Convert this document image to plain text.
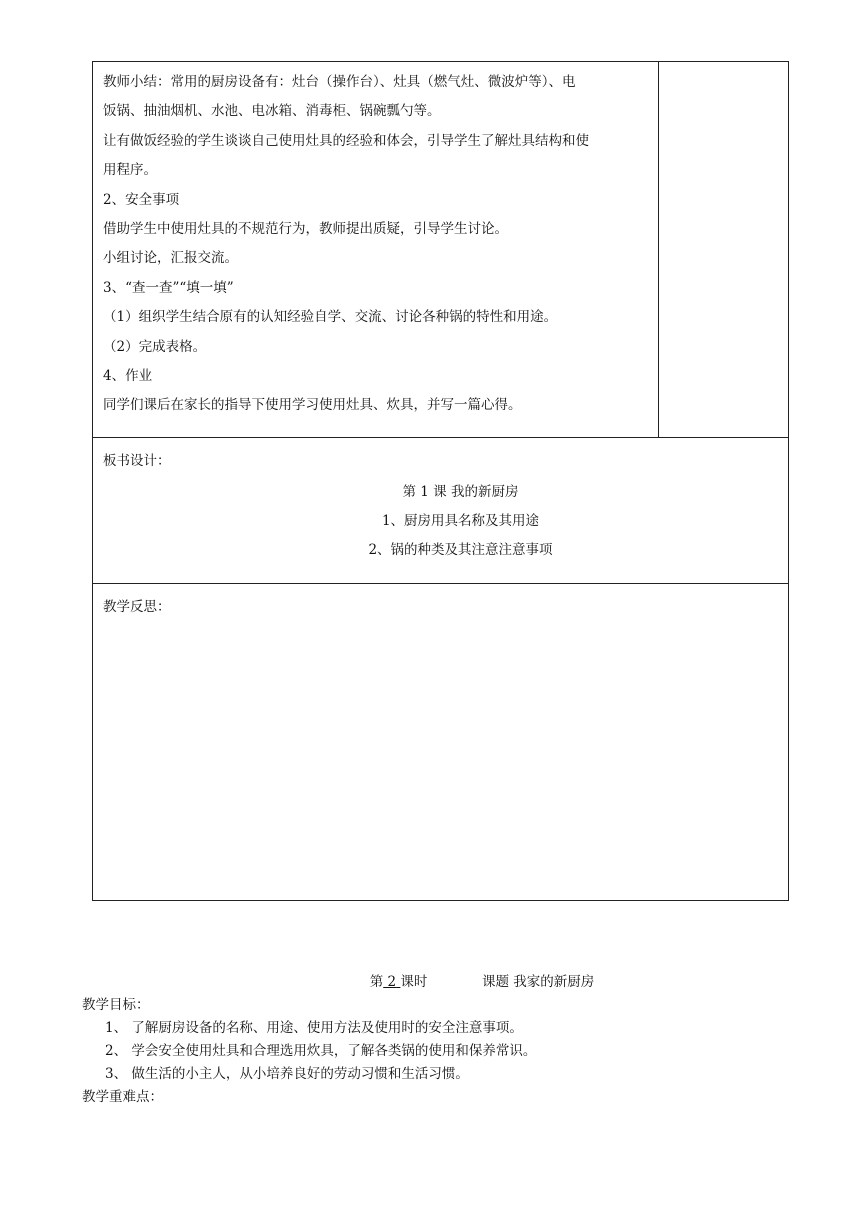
教师小结：常用的厨房设备有：灶台（操作台）、灶具（燃气灶、微波炉等）、电
饭锅、抽油烟机、水池、电冰箱、消毒柜、锅碗瓢勺等。
让有做饭经验的学生谈谈自己使用灶具的经验和体会，引导学生了解灶具结构和使
用程序。
2、安全事项
借助学生中使用灶具的不规范行为，教师提出质疑，引导学生讨论。
小组讨论，汇报交流。
3、“查一查”“填一填”
（1）组织学生结合原有的认知经验自学、交流、讨论各种锅的特性和用途。
（2）完成表格。
4、作业
同学们课后在家长的指导下使用学习使用灶具、炊具，并写一篇心得。
板书设计：
第 1 课 我的新厨房
1、厨房用具名称及其用途
2、锅的种类及其注意注意事项
教学反思：
第 2 课时	课题 我家的新厨房
教学目标：
1、 了解厨房设备的名称、用途、使用方法及使用时的安全注意事项。
2、 学会安全使用灶具和合理选用炊具，了解各类锅的使用和保养常识。
3、 做生活的小主人，从小培养良好的劳动习惯和生活习惯。
教学重难点：
